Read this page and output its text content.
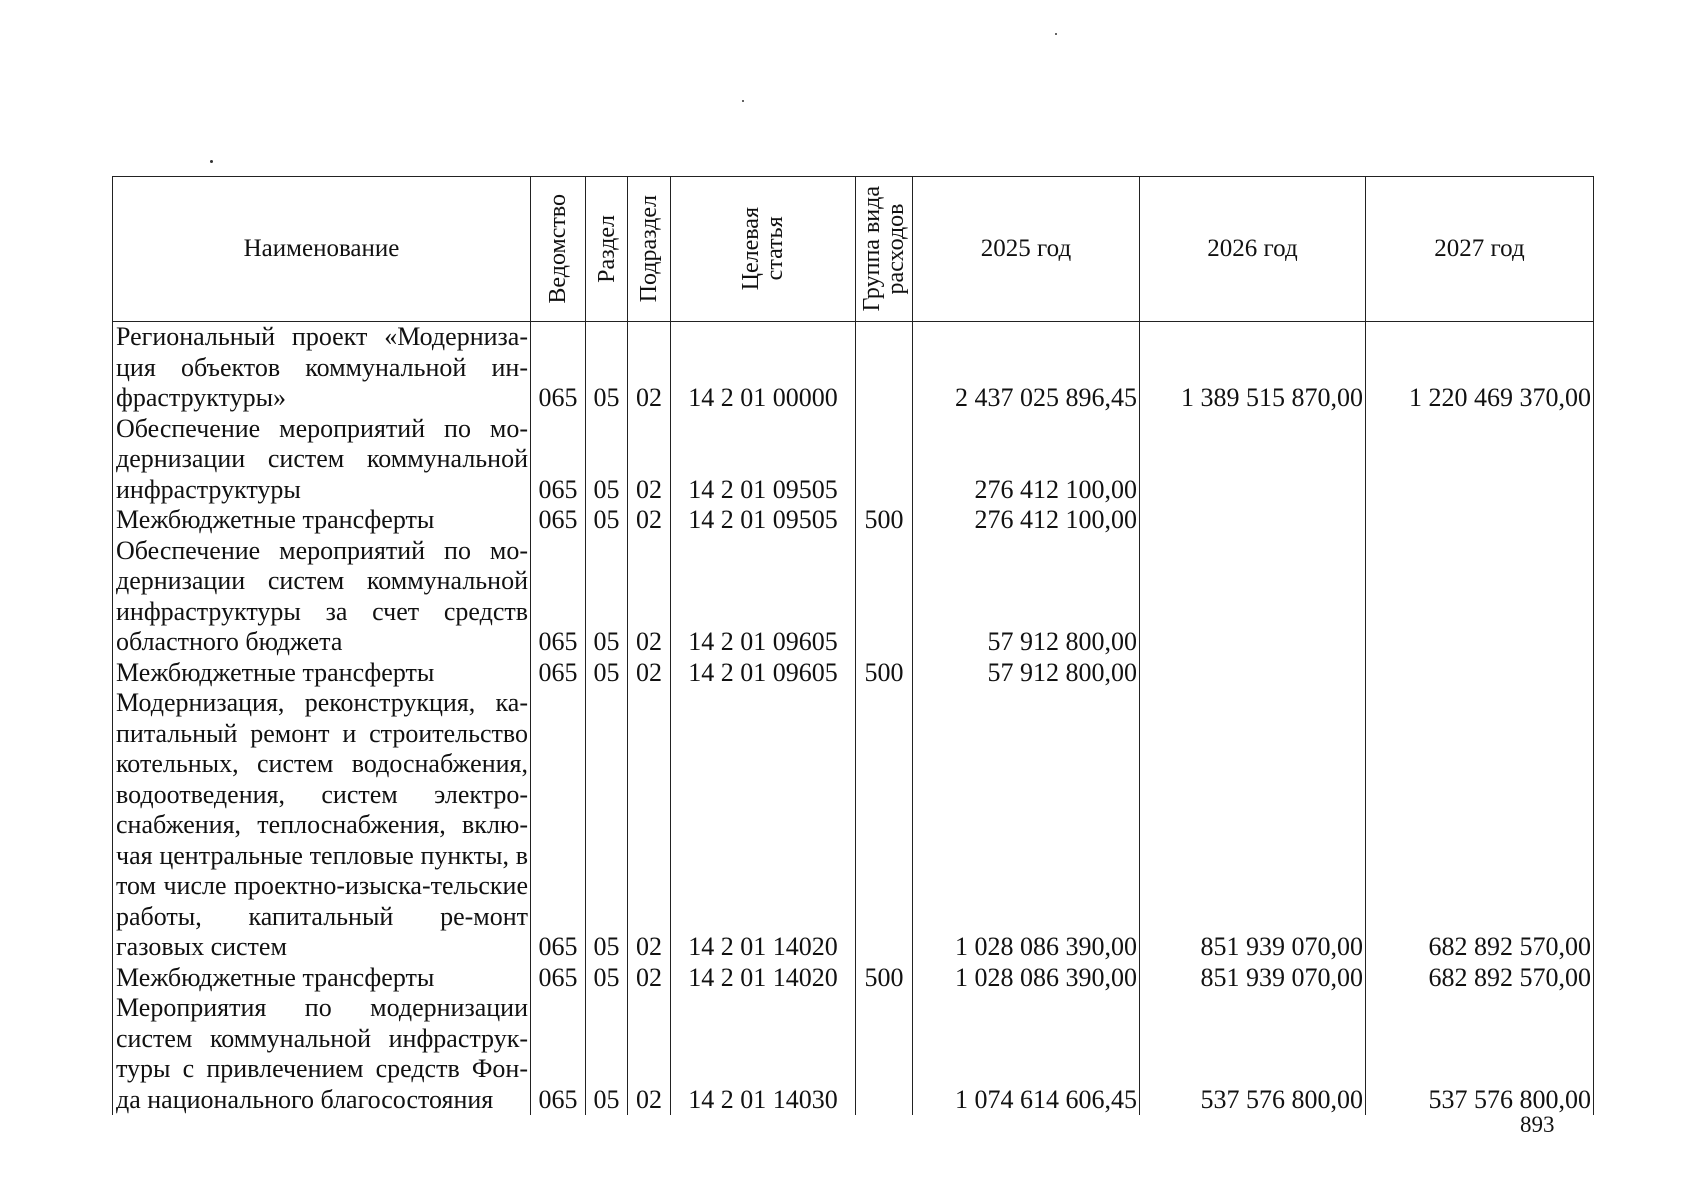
Наименование	Ведомство	Раздел	Подраздел	Целевая
статья	Группа вида
расходов	2025 год	2026 год	2027 год
Региональный проект «Модерниза-​ция объектов коммунальной ин-​фраструктуры»	065	05	02	14 2 01 00000		2 437 025 896,45	1 389 515 870,00	1 220 469 370,00
Обеспечение мероприятий по мо-​дернизации систем коммунальной инфраструктуры	065	05	02	14 2 01 09505		276 412 100,00		
Межбюджетные трансферты	065	05	02	14 2 01 09505	500	276 412 100,00		
Обеспечение мероприятий по мо-​дернизации систем коммунальной инфраструктуры за счет средств областного бюджета	065	05	02	14 2 01 09605		57 912 800,00		
Межбюджетные трансферты	065	05	02	14 2 01 09605	500	57 912 800,00		
Модернизация, реконструкция, ка-​питальный ремонт и строительство котельных, систем водоснабжения, водоотведения, систем электро-​снабжения, теплоснабжения, вклю-​чая центральные тепловые пункты, в том числе проектно-​изыска-​тельские работы, капитальный ре-​монт газовых систем	065	05	02	14 2 01 14020		1 028 086 390,00	851 939 070,00	682 892 570,00
Межбюджетные трансферты	065	05	02	14 2 01 14020	500	1 028 086 390,00	851 939 070,00	682 892 570,00
Мероприятия по модернизации систем коммунальной инфраструк-​туры с привлечением средств Фон-​да национального благосостояния	065	05	02	14 2 01 14030		1 074 614 606,45	537 576 800,00	537 576 800,00
893
